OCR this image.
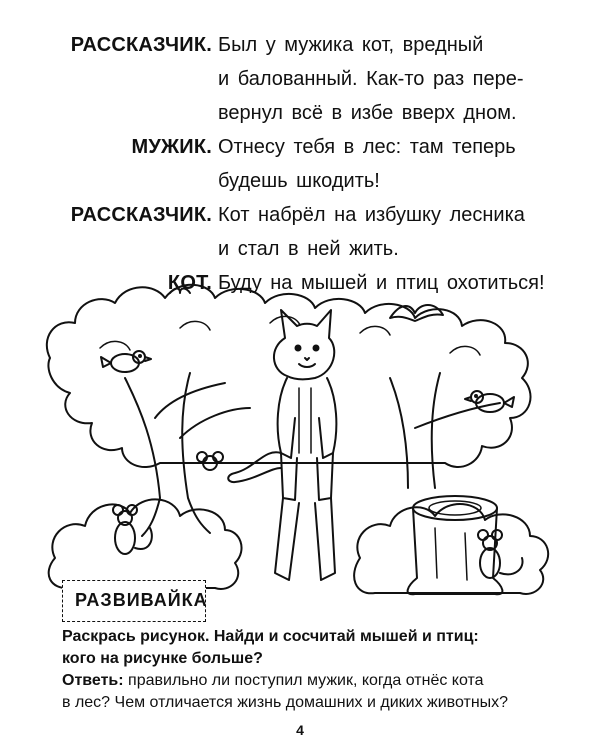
РАССКАЗЧИК. Был у мужика кот, вредный
и балованный. Как-то раз пере-
вернул всё в избе вверх дном.
МУЖИК. Отнесу тебя в лес: там теперь
будешь шкодить!
РАССКАЗЧИК. Кот набрёл на избушку лесника
и стал в ней жить.
КОТ. Буду на мышей и птиц охотиться!
РАЗВИВАЙКА
Раскрась рисунок. Найди и сосчитай мышей и птиц:
кого на рисунке больше?
Ответь: правильно ли поступил мужик, когда отнёс кота
в лес? Чем отличается жизнь домашних и диких животных?
4
